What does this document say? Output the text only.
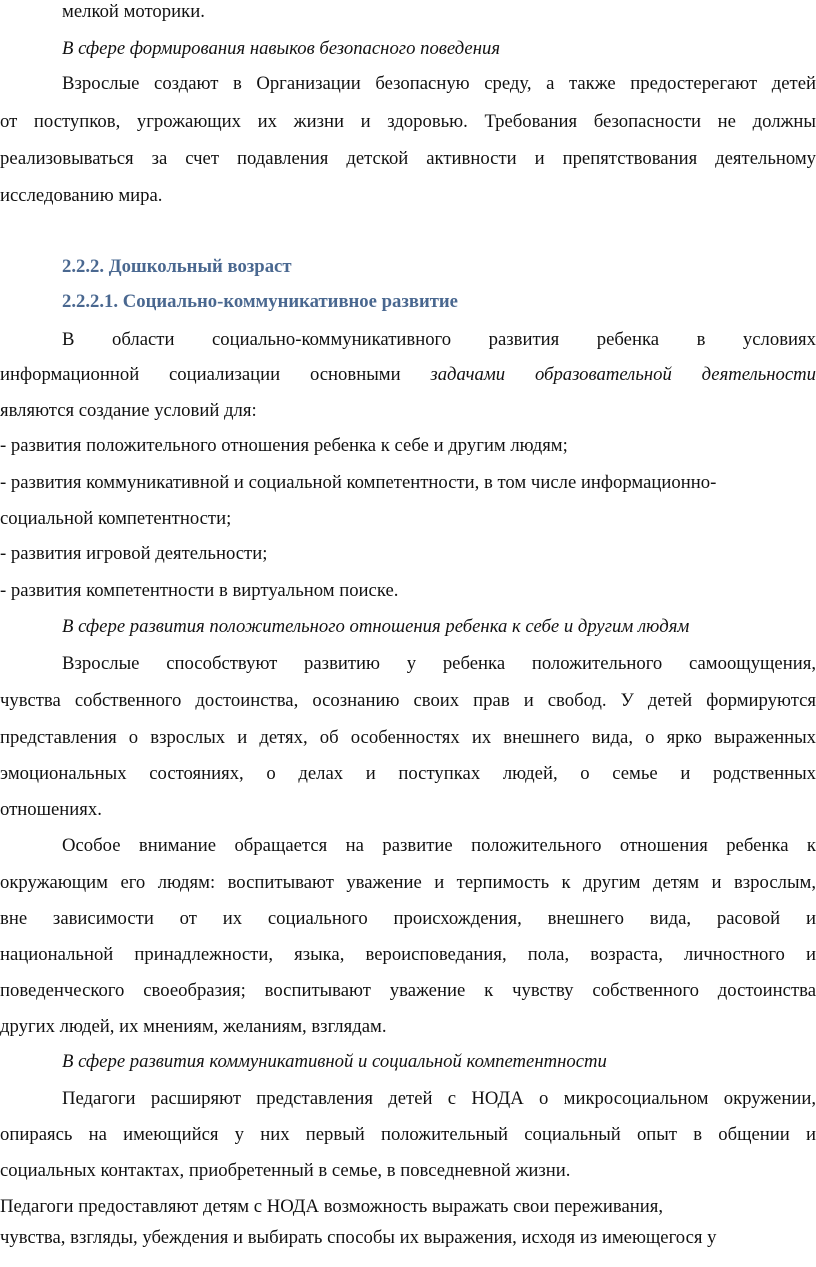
мелкой моторики.
В сфере формирования навыков безопасного поведения
Взрослые создают в Организации безопасную среду, а также предостерегают детей
от поступков, угрожающих их жизни и здоровью. Требования безопасности не должны
реализовываться за счет подавления детской активности и препятствования деятельному
исследованию мира.
2.2.2. Дошкольный возраст
2.2.2.1. Социально-коммуникативное развитие
В области социально-коммуникативного развития ребенка в условиях
информационной социализации основными задачами образовательной деятельности
являются создание условий для:
- развития положительного отношения ребенка к себе и другим людям;
- развития коммуникативной и социальной компетентности, в том числе информационно-
социальной компетентности;
- развития игровой деятельности;
- развития компетентности в виртуальном поиске.
В сфере развития положительного отношения ребенка к себе и другим людям
Взрослые способствуют развитию у ребенка положительного самоощущения,
чувства собственного достоинства, осознанию своих прав и свобод. У детей формируются
представления о взрослых и детях, об особенностях их внешнего вида, о ярко выраженных
эмоциональных состояниях, о делах и поступках людей, о семье и родственных
отношениях.
Особое внимание обращается на развитие положительного отношения ребенка к
окружающим его людям: воспитывают уважение и терпимость к другим детям и взрослым,
вне зависимости от их социального происхождения, внешнего вида, расовой и
национальной принадлежности, языка, вероисповедания, пола, возраста, личностного и
поведенческого своеобразия; воспитывают уважение к чувству собственного достоинства
других людей, их мнениям, желаниям, взглядам.
В сфере развития коммуникативной и социальной компетентности
Педагоги расширяют представления детей с НОДА о микросоциальном окружении,
опираясь на имеющийся у них первый положительный социальный опыт в общении и
социальных контактах, приобретенный в семье, в повседневной жизни.
Педагоги предоставляют детям с НОДА возможность выражать свои переживания,
чувства, взгляды, убеждения и выбирать способы их выражения, исходя из имеющегося у
